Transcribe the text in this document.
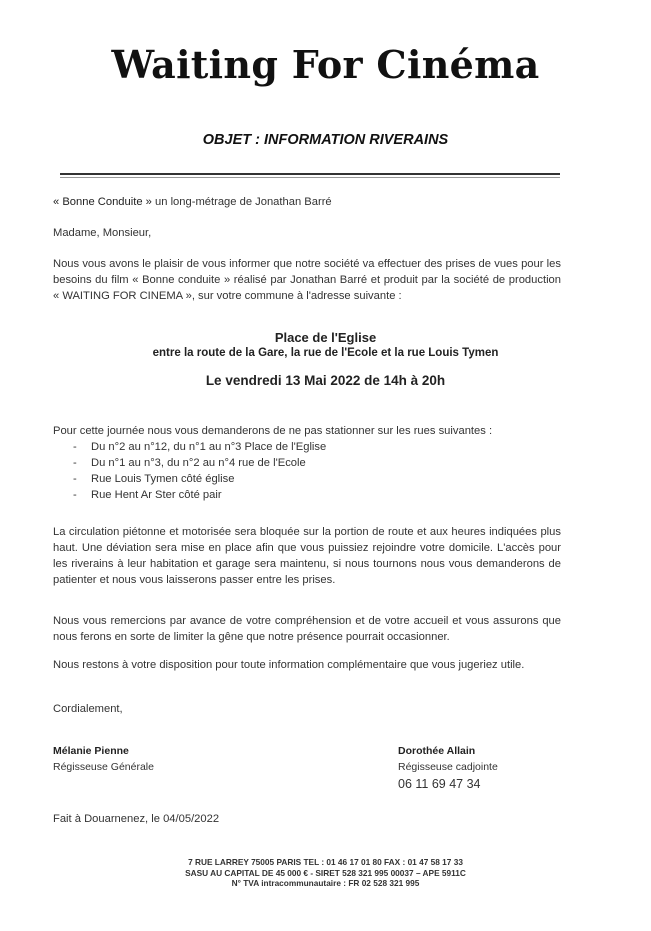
Waiting For Cinéma
OBJET : INFORMATION RIVERAINS
« Bonne Conduite » un long-métrage de Jonathan Barré
Madame, Monsieur,
Nous vous avons le plaisir de vous informer que notre société va effectuer des prises de vues pour les besoins du film « Bonne conduite » réalisé par Jonathan Barré et produit par la société de production « WAITING FOR CINEMA », sur votre commune à l'adresse suivante :
Place de l'Eglise
entre la route de la Gare, la rue de l'Ecole et la rue Louis Tymen
Le vendredi 13 Mai 2022 de 14h à 20h
Pour cette journée nous vous demanderons de ne pas stationner sur les rues suivantes :
- Du n°2 au n°12, du n°1 au n°3 Place de l'Eglise
- Du n°1 au n°3, du n°2 au n°4 rue de l'Ecole
- Rue Louis Tymen côté église
- Rue Hent Ar Ster côté pair
La circulation piétonne et motorisée sera bloquée sur la portion de route et aux heures indiquées plus haut. Une déviation sera mise en place afin que vous puissiez rejoindre votre domicile. L'accès pour les riverains à leur habitation et garage sera maintenu, si nous tournons nous vous demanderons de patienter et nous vous laisserons passer entre les prises.
Nous vous remercions par avance de votre compréhension et de votre accueil et vous assurons que nous ferons en sorte de limiter la gêne que notre présence pourrait occasionner.
Nous restons à votre disposition pour toute information complémentaire que vous jugeriez utile.
Cordialement,
Mélanie Pienne
Régisseuse Générale
Dorothée Allain
Régisseuse cadjointe
06 11 69 47 34
Fait à Douarnenez, le 04/05/2022
7 RUE LARREY 75005 PARIS TEL : 01 46 17 01 80 FAX : 01 47 58 17 33
SASU AU CAPITAL DE 45 000 € - SIRET 528 321 995 00037 – APE 5911C
N° TVA intracommunautaire : FR 02 528 321 995
